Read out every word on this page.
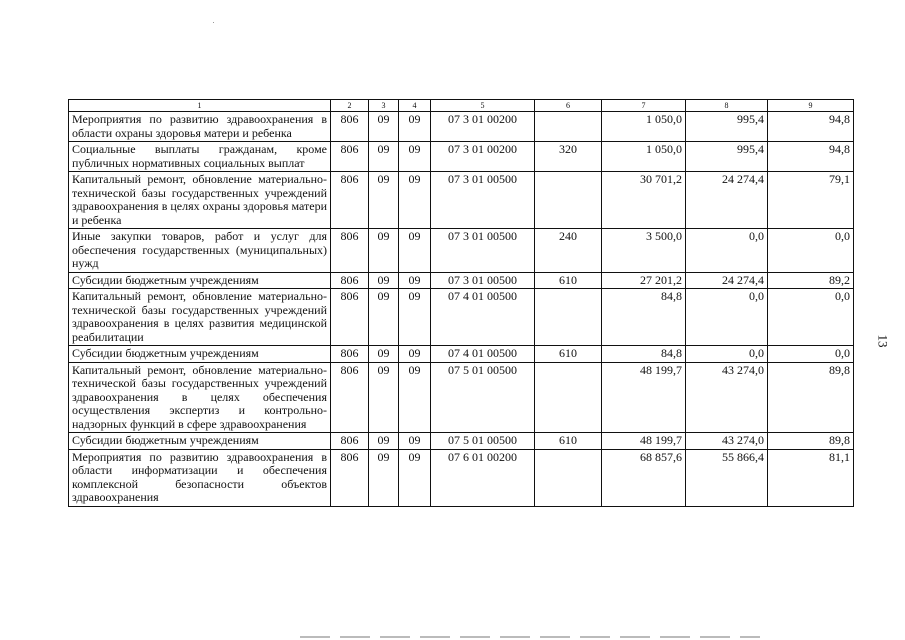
1	2	3	4	5	6	7	8	9
Мероприятия по развитию здравоохранения в области охраны здоровья матери и ребенка	806	09	09	07 3 01 00200		1 050,0	995,4	94,8
Социальные выплаты гражданам, кроме публичных нормативных социальных выплат	806	09	09	07 3 01 00200	320	1 050,0	995,4	94,8
Капитальный ремонт, обновление материально-технической базы государственных учреждений здравоохранения в целях охраны здоровья матери и ребенка	806	09	09	07 3 01 00500		30 701,2	24 274,4	79,1
Иные закупки товаров, работ и услуг для обеспечения государственных (муниципальных) нужд	806	09	09	07 3 01 00500	240	3 500,0	0,0	0,0
Субсидии бюджетным учреждениям	806	09	09	07 3 01 00500	610	27 201,2	24 274,4	89,2
Капитальный ремонт, обновление материально-технической базы государственных учреждений здравоохранения в целях развития медицинской реабилитации	806	09	09	07 4 01 00500		84,8	0,0	0,0
Субсидии бюджетным учреждениям	806	09	09	07 4 01 00500	610	84,8	0,0	0,0
Капитальный ремонт, обновление материально-технической базы государственных учреждений здравоохранения в целях обеспечения осуществления экспертиз и контрольно-надзорных функций в сфере здравоохранения	806	09	09	07 5 01 00500		48 199,7	43 274,0	89,8
Субсидии бюджетным учреждениям	806	09	09	07 5 01 00500	610	48 199,7	43 274,0	89,8
Мероприятия по развитию здравоохранения в области информатизации и обеспечения комплексной безопасности объектов здравоохранения	806	09	09	07 6 01 00200		68 857,6	55 866,4	81,1
13
